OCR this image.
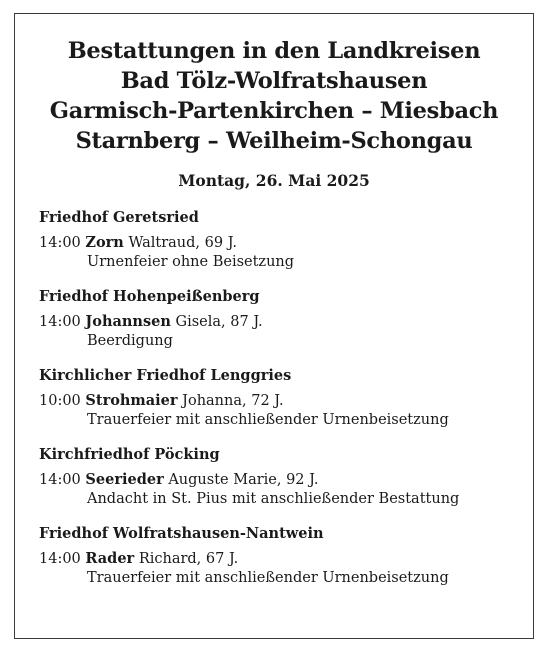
Bestattungen in den Landkreisen
Bad Tölz-Wolfratshausen
Garmisch-Partenkirchen – Miesbach
Starnberg – Weilheim-Schongau
Montag, 26. Mai 2025
Friedhof Geretsried
14:00 Zorn Waltraud, 69 J.
Urnenfeier ohne Beisetzung
Friedhof Hohenpeißenberg
14:00 Johannsen Gisela, 87 J.
Beerdigung
Kirchlicher Friedhof Lenggries
10:00 Strohmaier Johanna, 72 J.
Trauerfeier mit anschließender Urnenbeisetzung
Kirchfriedhof Pöcking
14:00 Seerieder Auguste Marie, 92 J.
Andacht in St. Pius mit anschließender Bestattung
Friedhof Wolfratshausen-Nantwein
14:00 Rader Richard, 67 J.
Trauerfeier mit anschließender Urnenbeisetzung
